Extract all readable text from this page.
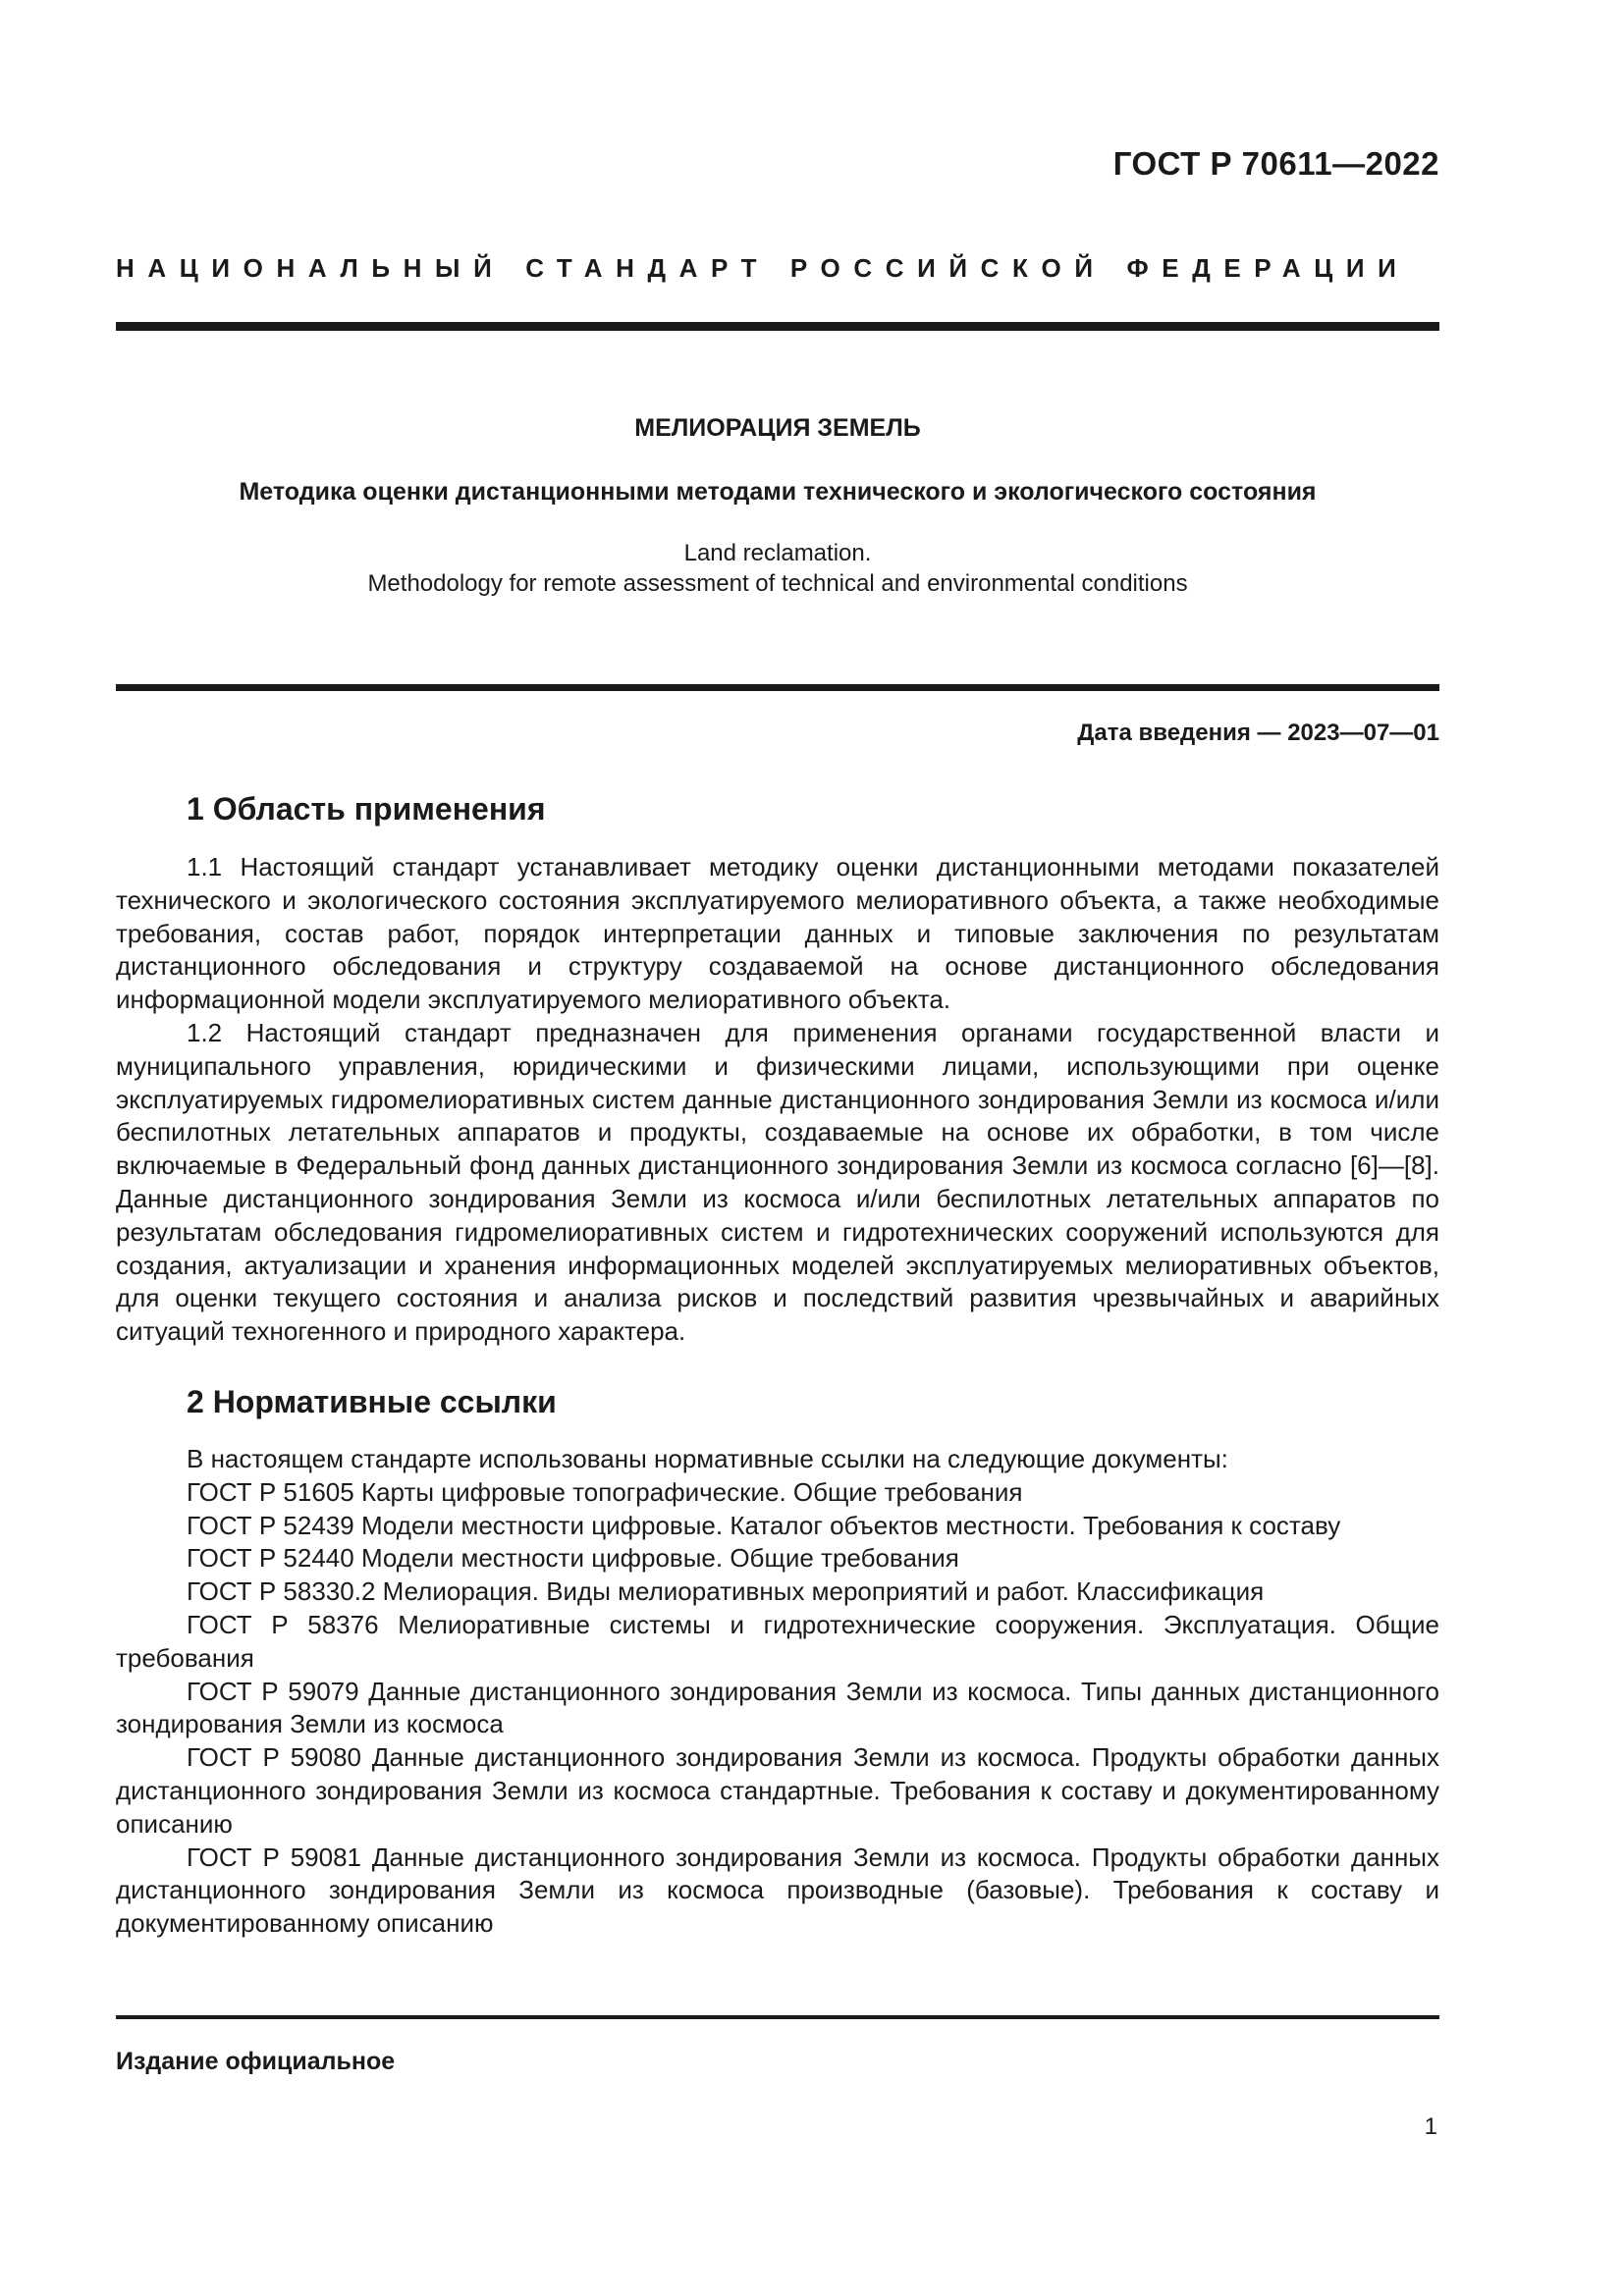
ГОСТ Р 70611—2022
НАЦИОНАЛЬНЫЙ СТАНДАРТ РОССИЙСКОЙ ФЕДЕРАЦИИ
МЕЛИОРАЦИЯ ЗЕМЕЛЬ
Методика оценки дистанционными методами технического и экологического состояния
Land reclamation.
Methodology for remote assessment of technical and environmental conditions
Дата введения — 2023—07—01
1 Область применения

1.1 Настоящий стандарт устанавливает методику оценки дистанционными методами показателей технического и экологического состояния эксплуатируемого мелиоративного объекта, а также необходимые требования, состав работ, порядок интерпретации данных и типовые заключения по результатам дистанционного обследования и структуру создаваемой на основе дистанционного обследования информационной модели эксплуатируемого мелиоративного объекта.

1.2 Настоящий стандарт предназначен для применения органами государственной власти и муниципального управления, юридическими и физическими лицами, использующими при оценке эксплуатируемых гидромелиоративных систем данные дистанционного зондирования Земли из космоса и/или беспилотных летательных аппаратов и продукты, создаваемые на основе их обработки, в том числе включаемые в Федеральный фонд данных дистанционного зондирования Земли из космоса согласно [6]—[8]. Данные дистанционного зондирования Земли из космоса и/или беспилотных летательных аппаратов по результатам обследования гидромелиоративных систем и гидротехнических сооружений используются для создания, актуализации и хранения информационных моделей эксплуатируемых мелиоративных объектов, для оценки текущего состояния и анализа рисков и последствий развития чрезвычайных и аварийных ситуаций техногенного и природного характера.

2 Нормативные ссылки

В настоящем стандарте использованы нормативные ссылки на следующие документы:

ГОСТ Р 51605 Карты цифровые топографические. Общие требования

ГОСТ Р 52439 Модели местности цифровые. Каталог объектов местности. Требования к составу

ГОСТ Р 52440 Модели местности цифровые. Общие требования

ГОСТ Р 58330.2 Мелиорация. Виды мелиоративных мероприятий и работ. Классификация

ГОСТ Р 58376 Мелиоративные системы и гидротехнические сооружения. Эксплуатация. Общие требования

ГОСТ Р 59079 Данные дистанционного зондирования Земли из космоса. Типы данных дистанционного зондирования Земли из космоса

ГОСТ Р 59080 Данные дистанционного зондирования Земли из космоса. Продукты обработки данных дистанционного зондирования Земли из космоса стандартные. Требования к составу и документированному описанию

ГОСТ Р 59081 Данные дистанционного зондирования Земли из космоса. Продукты обработки данных дистанционного зондирования Земли из космоса производные (базовые). Требования к составу и документированному описанию

Издание официальное
1
